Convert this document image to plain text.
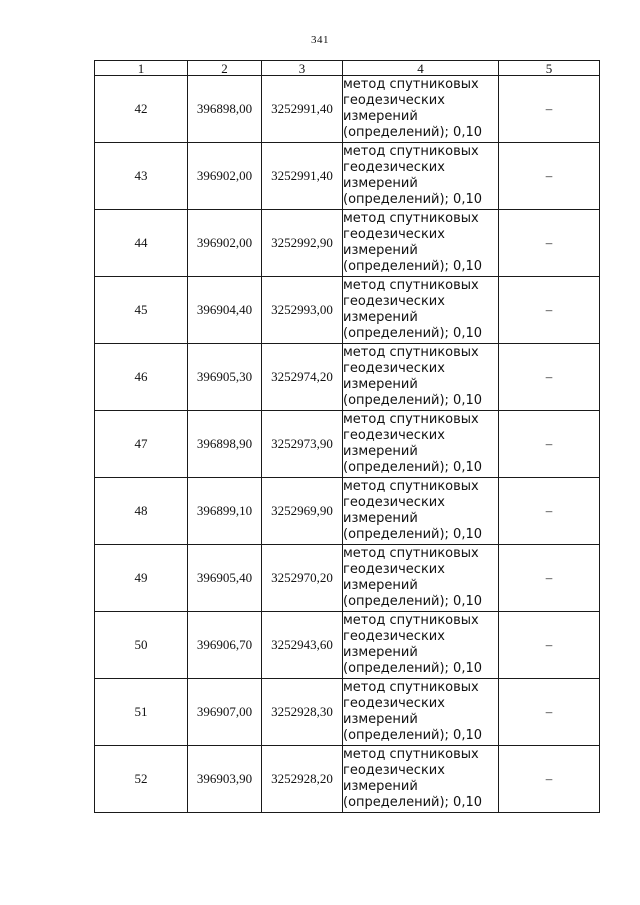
341
1	2	3	4	5
42	396898,00	3252991,40	метод спутниковых
геодезических
измерений
(определений); 0,10	–
43	396902,00	3252991,40	метод спутниковых
геодезических
измерений
(определений); 0,10	–
44	396902,00	3252992,90	метод спутниковых
геодезических
измерений
(определений); 0,10	–
45	396904,40	3252993,00	метод спутниковых
геодезических
измерений
(определений); 0,10	–
46	396905,30	3252974,20	метод спутниковых
геодезических
измерений
(определений); 0,10	–
47	396898,90	3252973,90	метод спутниковых
геодезических
измерений
(определений); 0,10	–
48	396899,10	3252969,90	метод спутниковых
геодезических
измерений
(определений); 0,10	–
49	396905,40	3252970,20	метод спутниковых
геодезических
измерений
(определений); 0,10	–
50	396906,70	3252943,60	метод спутниковых
геодезических
измерений
(определений); 0,10	–
51	396907,00	3252928,30	метод спутниковых
геодезических
измерений
(определений); 0,10	–
52	396903,90	3252928,20	метод спутниковых
геодезических
измерений
(определений); 0,10	–
